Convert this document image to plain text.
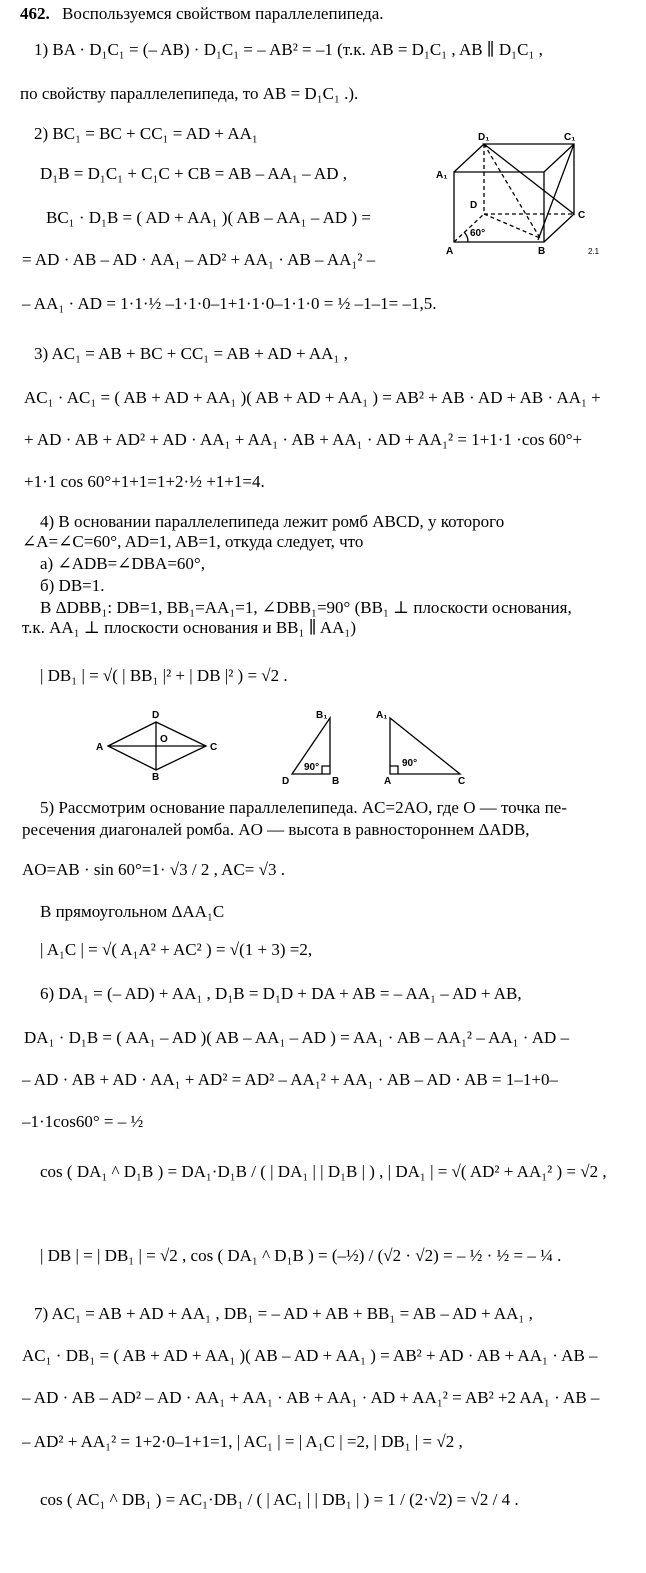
462. Воспользуемся свойством параллелепипеда.
1) BA · D₁C₁ = (– AB) · D₁C₁ = – AB² = –1 (т.к. AB = D₁C₁ , AB ∥ D₁C₁ ,
по свойству параллелепипеда, то AB = D₁C₁ .).
2) BC₁ = BC + CC₁ = AD + AA₁
D₁B = D₁C₁ + C₁C + CB = AB – AA₁ – AD ,
BC₁ · D₁B = ( AD + AA₁ )( AB – AA₁ – AD ) =
= AD · AB – AD · AA₁ – AD² + AA₁ · AB – AA₁² –
– AA₁ · AD = 1·1·½ –1·1·0–1+1·1·0–1·1·0 = ½ –1–1= –1,5.
3) AC₁ = AB + BC + CC₁ = AB + AD + AA₁ ,
AC₁ · AC₁ = ( AB + AD + AA₁ )( AB + AD + AA₁ ) = AB² + AB · AD + AB · AA₁ +
+ AD · AB + AD² + AD · AA₁ + AA₁ · AB + AA₁ · AD + AA₁² = 1+1·1 ·cos 60°+
+1·1 cos 60°+1+1=1+2·½ +1+1=4.
4) В основании параллелепипеда лежит ромб ABCD, у которого
∠A=∠C=60°, AD=1, AB=1, откуда следует, что
а) ∠ADB=∠DBA=60°,
б) DB=1.
В ΔDBB₁: DB=1, BB₁=AA₁=1, ∠DBB₁=90° (BB₁ ⊥ плоскости основания,
т.к. AA₁ ⊥ плоскости основания и BB₁ ∥ AA₁)
| DB₁ | = √( | BB₁ |² + | DB |² ) = √2 .
5) Рассмотрим основание параллелепипеда. AC=2AO, где O — точка пе-
ресечения диагоналей ромба. AO — высота в равностороннем ΔADB,
AO=AB · sin 60°=1· √3 / 2 , AC= √3 .
В прямоугольном ΔAA₁C
| A₁C | = √( A₁A² + AC² ) = √(1 + 3) =2,
6) DA₁ = (– AD) + AA₁ , D₁B = D₁D + DA + AB = – AA₁ – AD + AB,
DA₁ · D₁B = ( AA₁ – AD )( AB – AA₁ – AD ) = AA₁ · AB – AA₁² – AA₁ · AD –
– AD · AB + AD · AA₁ + AD² = AD² – AA₁² + AA₁ · AB – AD · AB = 1–1+0–
–1·1cos60° = – ½
cos ( DA₁ ^ D₁B ) = DA₁·D₁B / ( | DA₁ | | D₁B | ) , | DA₁ | = √( AD² + AA₁² ) = √2 ,
| DB | = | DB₁ | = √2 , cos ( DA₁ ^ D₁B ) = (–½) / (√2 · √2) = – ½ · ½ = – ¼ .
7) AC₁ = AB + AD + AA₁ , DB₁ = – AD + AB + BB₁ = AB – AD + AA₁ ,
AC₁ · DB₁ = ( AB + AD + AA₁ )( AB – AD + AA₁ ) = AB² + AD · AB + AA₁ · AB –
– AD · AB – AD² – AD · AA₁ + AA₁ · AB + AA₁ · AD + AA₁² = AB² +2 AA₁ · AB –
– AD² + AA₁² = 1+2·0–1+1=1, | AC₁ | = | A₁C | =2, | DB₁ | = √2 ,
cos ( AC₁ ^ DB₁ ) = AC₁·DB₁ / ( | AC₁ | | DB₁ | ) = 1 / (2·√2) = √2 / 4 .
D₁	C₁
A₁
D
C
A	B
60°
2.1
D
A
O
C
B
B₁
D	B
90°
A₁
A	C
90°
